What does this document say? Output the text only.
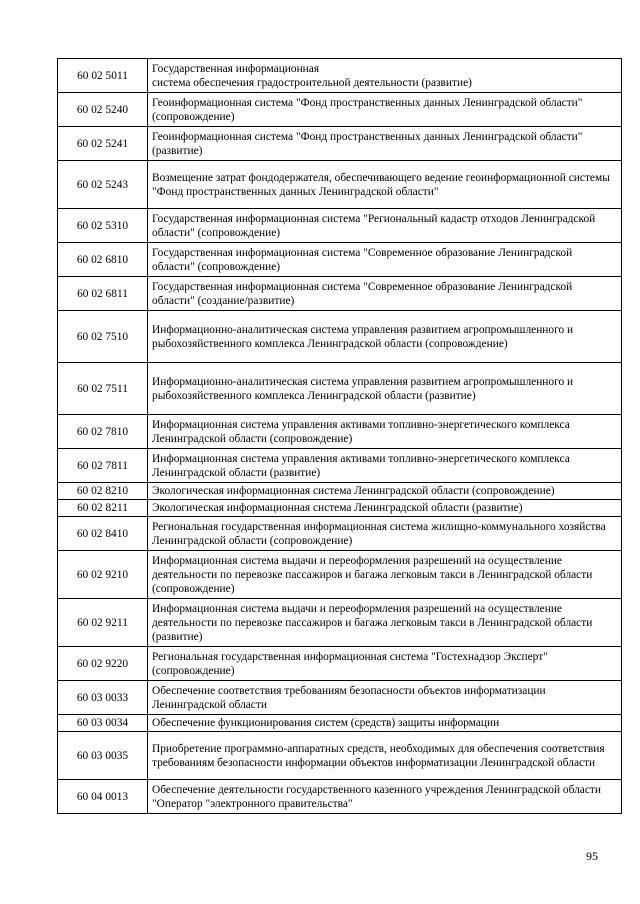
60 02 5011	Государственная информационная
система обеспечения градостроительной деятельности (развитие)
60 02 5240	Геоинформационная система "Фонд пространственных данных Ленинградской области" (сопровождение)
60 02 5241	Геоинформационная система "Фонд пространственных данных Ленинградской области" (развитие)
60 02 5243	Возмещение затрат фондодержателя, обеспечивающего ведение геоинформационной системы "Фонд пространственных данных Ленинградской области"
60 02 5310	Государственная информационная система "Региональный кадастр отходов Ленинградской области" (сопровождение)
60 02 6810	Государственная информационная система "Современное образование Ленинградской области" (сопровождение)
60 02 6811	Государственная информационная система "Современное образование Ленинградской области" (создание/развитие)
60 02 7510	Информационно-аналитическая система управления развитием агропромышленного и рыбохозяйственного комплекса Ленинградской области (сопровождение)
60 02 7511	Информационно-аналитическая система управления развитием агропромышленного и рыбохозяйственного комплекса Ленинградской области (развитие)
60 02 7810	Информационная система управления активами топливно-энергетического комплекса Ленинградской области (сопровождение)
60 02 7811	Информационная система управления активами топливно-энергетического комплекса Ленинградской области (развитие)
60 02 8210	Экологическая информационная система Ленинградской области (сопровождение)
60 02 8211	Экологическая информационная система Ленинградской области (развитие)
60 02 8410	Региональная государственная информационная система жилищно-коммунального хозяйства Ленинградской области (сопровождение)
60 02 9210	Информационная система выдачи и переоформления разрешений на осуществление деятельности по перевозке пассажиров и багажа легковым такси в Ленинградской области (сопровождение)
60 02 9211	Информационная система выдачи и переоформления разрешений на осуществление деятельности по перевозке пассажиров и багажа легковым такси в Ленинградской области (развитие)
60 02 9220	Региональная государственная информационная система "Гостехнадзор Эксперт" (сопровождение)
60 03 0033	Обеспечение соответствия требованиям безопасности объектов информатизации Ленинградской области
60 03 0034	Обеспечение функционирования систем (средств) защиты информации
60 03 0035	Приобретение программно-аппаратных средств, необходимых для обеспечения соответствия требованиям безопасности информации объектов информатизации Ленинградской области
60 04 0013	Обеспечение деятельности государственного казенного учреждения Ленинградской области "Оператор "электронного правительства"
95
